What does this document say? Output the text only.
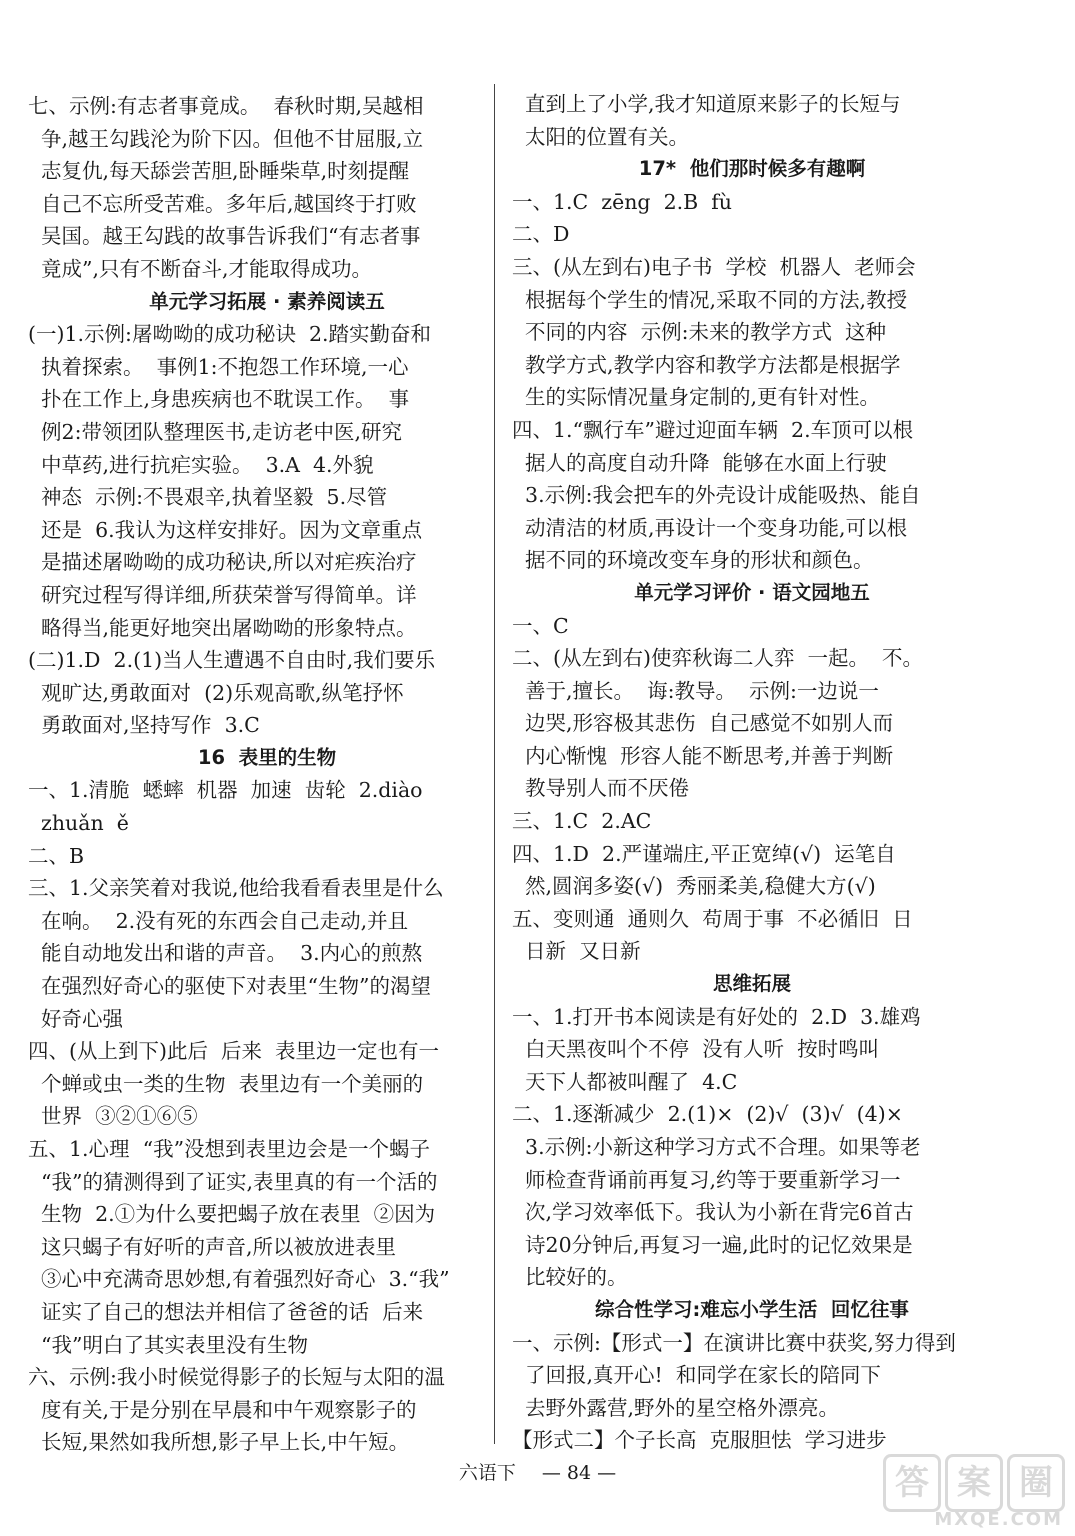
七、示例:有志者事竟成。  春秋时期,吴越相
争,越王勾践沦为阶下囚。但他不甘屈服,立
志复仇,每天舔尝苦胆,卧睡柴草,时刻提醒
自己不忘所受苦难。多年后,越国终于打败
吴国。越王勾践的故事告诉我们“有志者事
竟成”,只有不断奋斗,才能取得成功。
单元学习拓展 · 素养阅读五
(一)1.示例:屠呦呦的成功秘诀  2.踏实勤奋和
执着探索。  事例1:不抱怨工作环境,一心
扑在工作上,身患疾病也不耽误工作。  事
例2:带领团队整理医书,走访老中医,研究
中草药,进行抗疟实验。  3.A  4.外貌
神态  示例:不畏艰辛,执着坚毅  5.尽管
还是  6.我认为这样安排好。因为文章重点
是描述屠呦呦的成功秘诀,所以对疟疾治疗
研究过程写得详细,所获荣誉写得简单。详
略得当,能更好地突出屠呦呦的形象特点。
(二)1.D  2.(1)当人生遭遇不自由时,我们要乐
观旷达,勇敢面对  (2)乐观高歌,纵笔抒怀
勇敢面对,坚持写作  3.C
16  表里的生物
一、1.清脆  蟋蟀  机器  加速  齿轮  2.diào
zhuǎn  ě
二、B
三、1.父亲笑着对我说,他给我看看表里是什么
在响。  2.没有死的东西会自己走动,并且
能自动地发出和谐的声音。  3.内心的煎熬
在强烈好奇心的驱使下对表里“生物”的渴望
好奇心强
四、(从上到下)此后  后来  表里边一定也有一
个蝉或虫一类的生物  表里边有一个美丽的
世界  ③②①⑥⑤
五、1.心理  “我”没想到表里边会是一个蝎子
“我”的猜测得到了证实,表里真的有一个活的
生物  2.①为什么要把蝎子放在表里  ②因为
这只蝎子有好听的声音,所以被放进表里
③心中充满奇思妙想,有着强烈好奇心  3.“我”
证实了自己的想法并相信了爸爸的话  后来
“我”明白了其实表里没有生物
六、示例:我小时候觉得影子的长短与太阳的温
度有关,于是分别在早晨和中午观察影子的
长短,果然如我所想,影子早上长,中午短。
直到上了小学,我才知道原来影子的长短与
太阳的位置有关。
17*  他们那时候多有趣啊
一、1.C  zēng  2.B  fù
二、D
三、(从左到右)电子书  学校  机器人  老师会
根据每个学生的情况,采取不同的方法,教授
不同的内容  示例:未来的教学方式  这种
教学方式,教学内容和教学方法都是根据学
生的实际情况量身定制的,更有针对性。
四、1.“飘行车”避过迎面车辆  2.车顶可以根
据人的高度自动升降  能够在水面上行驶
3.示例:我会把车的外壳设计成能吸热、能自
动清洁的材质,再设计一个变身功能,可以根
据不同的环境改变车身的形状和颜色。
单元学习评价 · 语文园地五
一、C
二、(从左到右)使弈秋诲二人弈  一起。  不。
善于,擅长。  诲:教导。  示例:一边说一
边哭,形容极其悲伤  自己感觉不如别人而
内心惭愧  形容人能不断思考,并善于判断
教导别人而不厌倦
三、1.C  2.AC
四、1.D  2.严谨端庄,平正宽绰(√)  运笔自
然,圆润多姿(√)  秀丽柔美,稳健大方(√)
五、变则通  通则久  苟周于事  不必循旧  日
日新  又日新
思维拓展
一、1.打开书本阅读是有好处的  2.D  3.雄鸡
白天黑夜叫个不停  没有人听  按时鸣叫
天下人都被叫醒了  4.C
二、1.逐渐减少  2.(1)×  (2)√  (3)√  (4)×
3.示例:小新这种学习方式不合理。如果等老
师检查背诵前再复习,约等于要重新学习一
次,学习效率低下。我认为小新在背完6首古
诗20分钟后,再复习一遍,此时的记忆效果是
比较好的。
综合性学习:难忘小学生活  回忆往事
一、示例:【形式一】在演讲比赛中获奖,努力得到
了回报,真开心!  和同学在家长的陪同下
去野外露营,野外的星空格外漂亮。
【形式二】个子长高  克服胆怯  学习进步
六语下 — 84 —	答 案 圈
MXQE.COM
